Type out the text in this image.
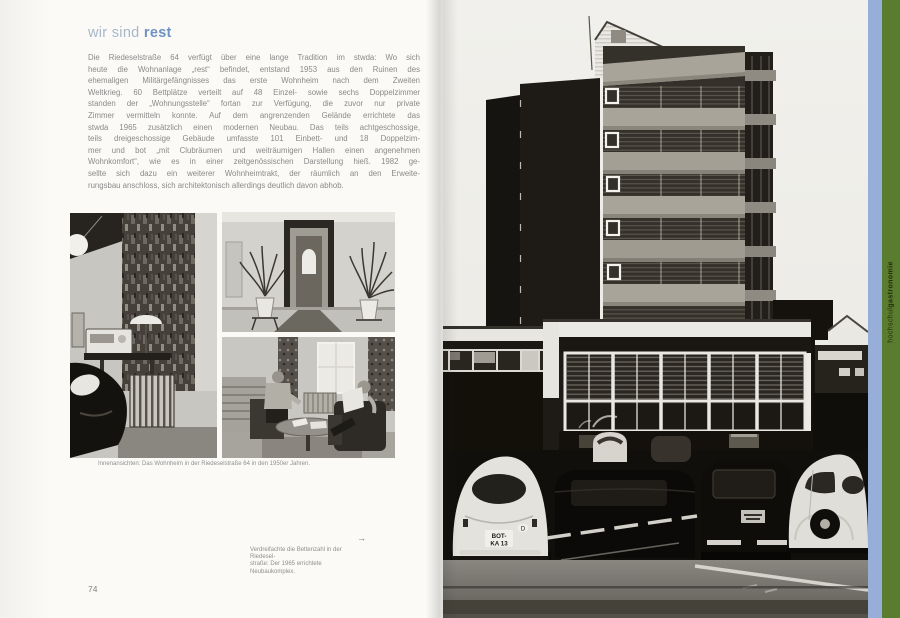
wir sind rest
Die Riedeselstraße 64 verfügt über eine lange Tradition im stwda: Wo sich
heute die Wohnanlage „rest“ befindet, entstand 1953 aus den Ruinen des
ehemaligen Militärgefängnisses das erste Wohnheim nach dem Zweiten
Weltkrieg. 60 Bettplätze verteilt auf 48 Einzel- sowie sechs Doppelzimmer
standen der „Wohnungsstelle“ fortan zur Verfügung, die zuvor nur private
Zimmer vermitteln konnte. Auf dem angrenzenden Gelände errichtete das
stwda 1965 zusätzlich einen modernen Neubau. Das teils achtgeschossige,
teils dreigeschossige Gebäude umfasste 101 Einbett- und 18 Doppelzim-
mer und bot „mit Clubräumen und weiträumigen Hallen einen angenehmen
Wohnkomfort“, wie es in einer zeitgenössischen Darstellung hieß. 1982 ge-
sellte sich dazu ein weiterer Wohnheimtrakt, der räumlich an den Erweite-
rungsbau anschloss, sich architektonisch allerdings deutlich davon abhob.
Innenansichten: Das Wohnheim in der Riedeselstraße 64 in den 1950er Jahren.
→
Verdreifachte die Bettenzahl in der Riedesel-
straße: Der 1965 errichtete Neubaukomplex.
74
BOT-
KA 13
D
hochschulgastronomie
